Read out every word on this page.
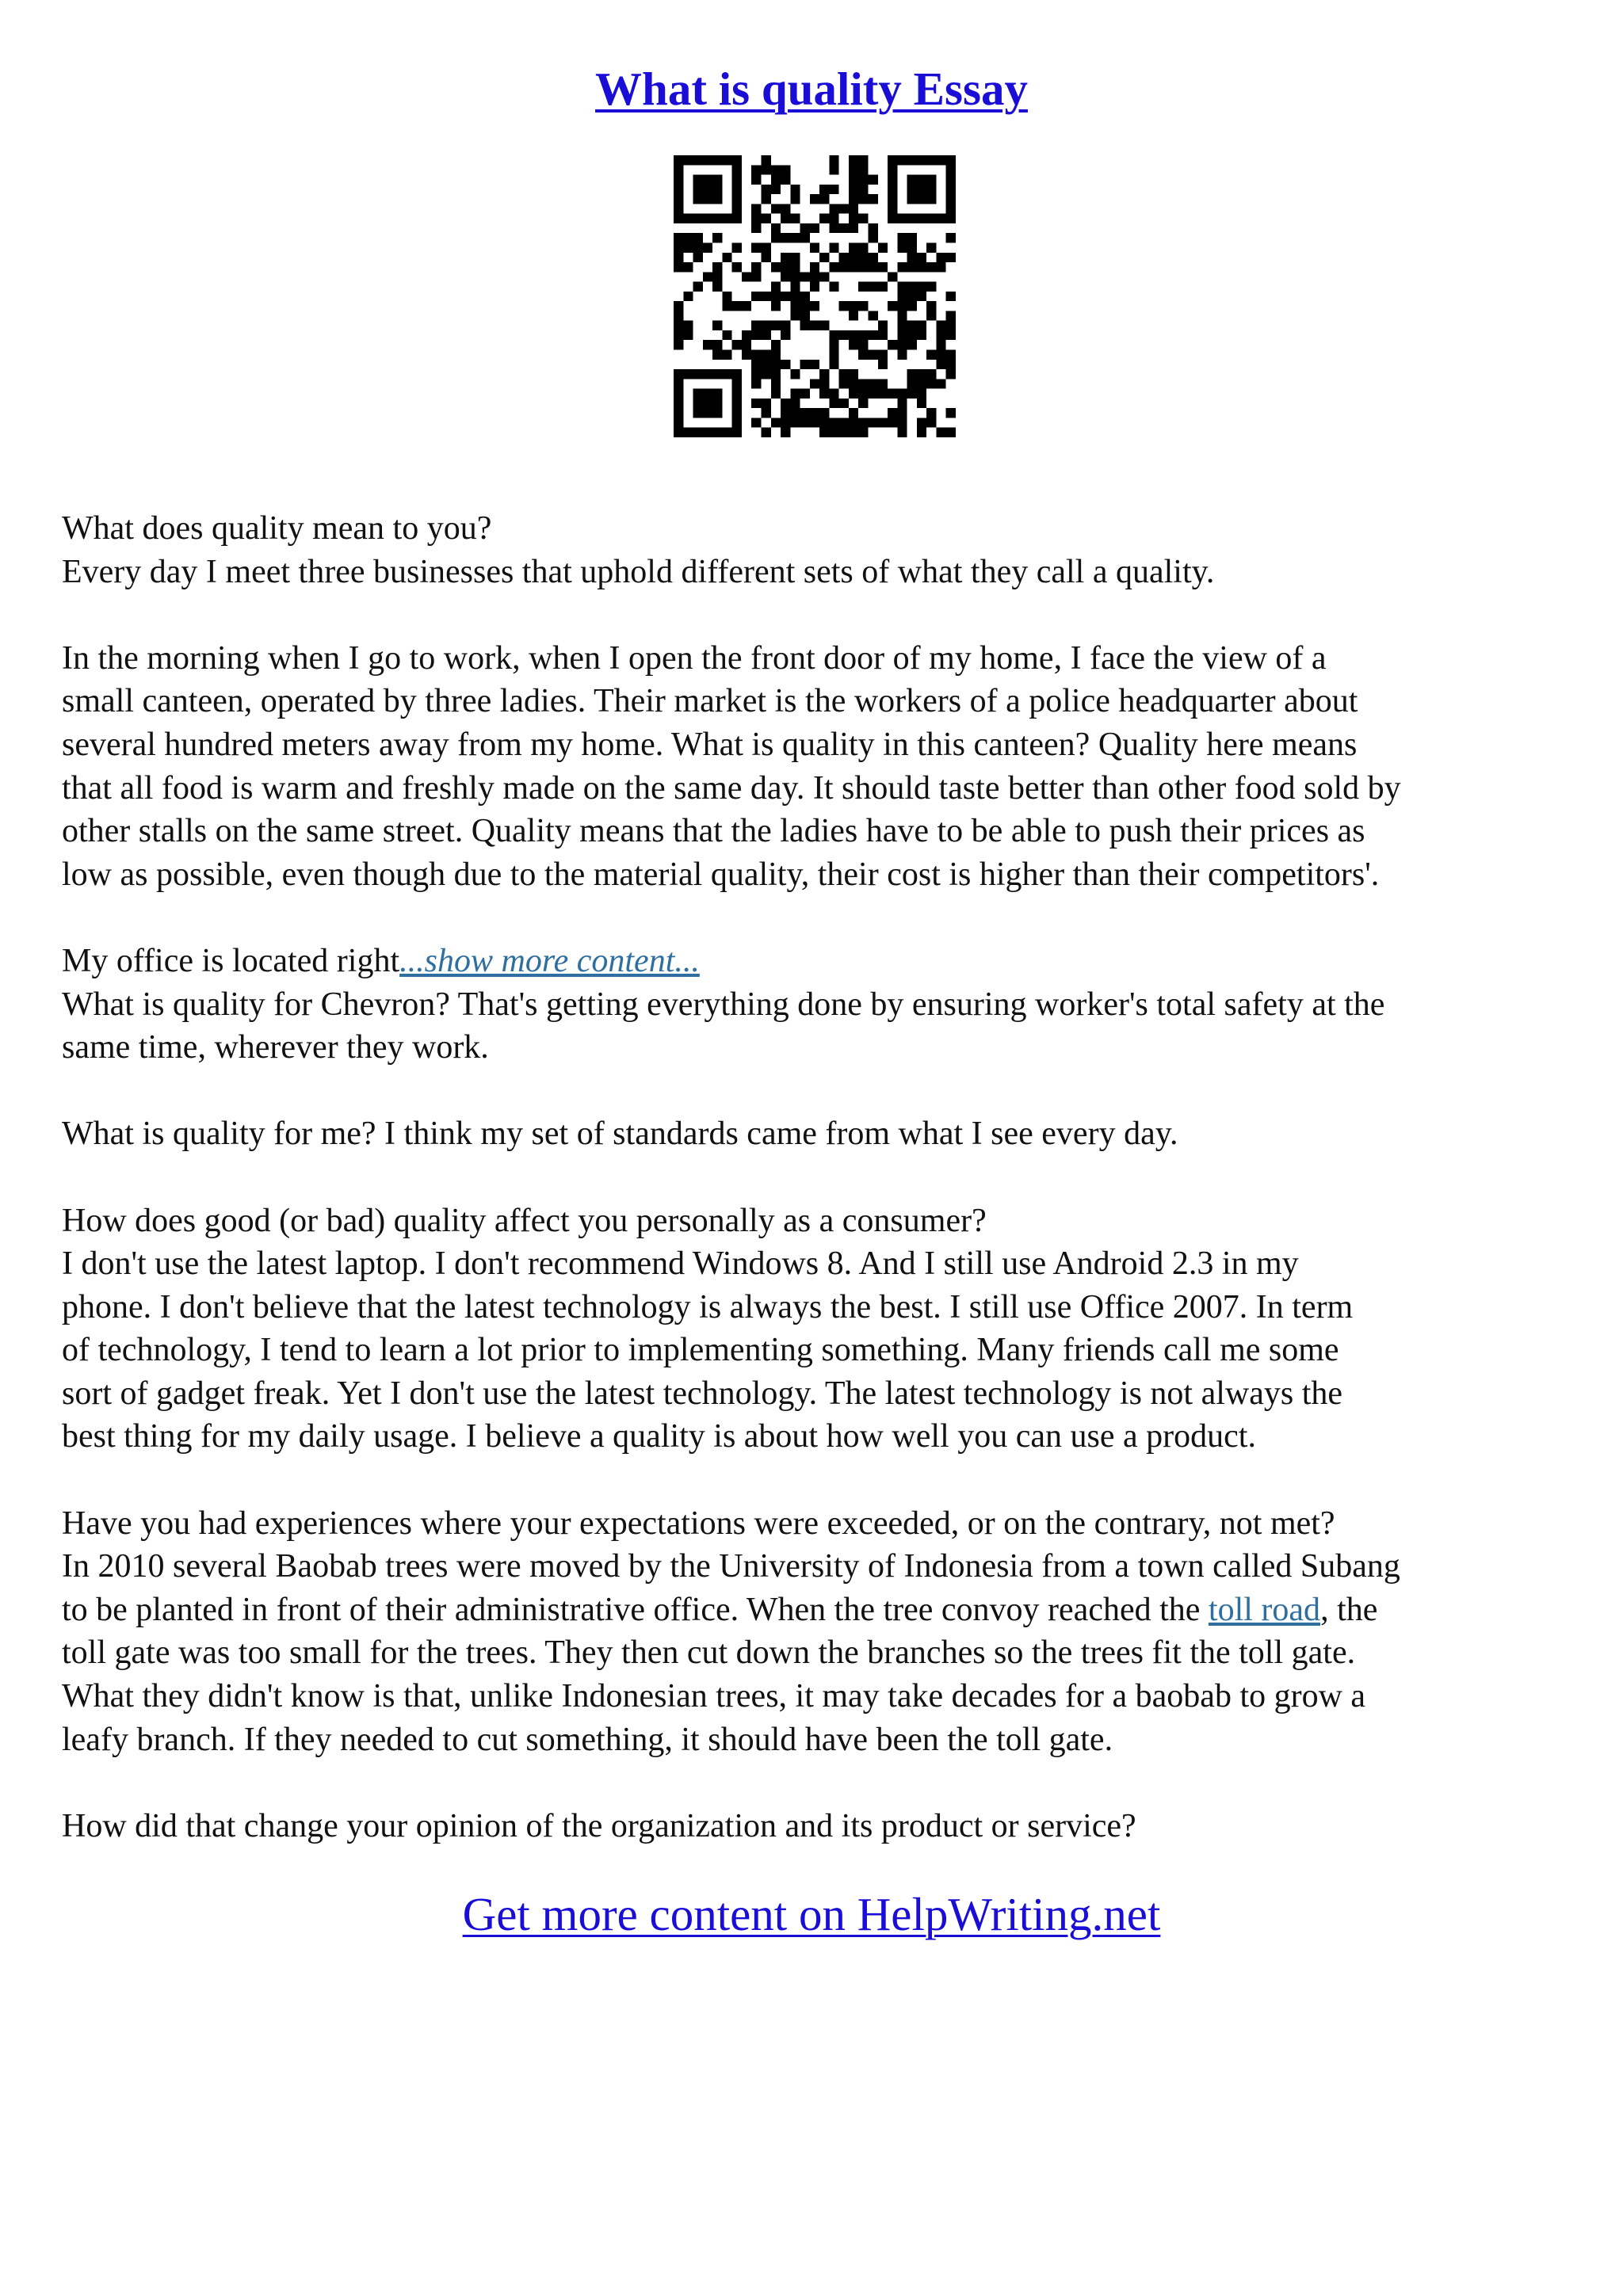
What is quality Essay

What does quality mean to you?
Every day I meet three businesses that uphold different sets of what they call a quality.

In the morning when I go to work, when I open the front door of my home, I face the view of a
small canteen, operated by three ladies. Their market is the workers of a police headquarter about
several hundred meters away from my home. What is quality in this canteen? Quality here means
that all food is warm and freshly made on the same day. It should taste better than other food sold by
other stalls on the same street. Quality means that the ladies have to be able to push their prices as
low as possible, even though due to the material quality, their cost is higher than their competitors'.

My office is located right...show more content...
What is quality for Chevron? That's getting everything done by ensuring worker's total safety at the
same time, wherever they work.

What is quality for me? I think my set of standards came from what I see every day.

How does good (or bad) quality affect you personally as a consumer?
I don't use the latest laptop. I don't recommend Windows 8. And I still use Android 2.3 in my
phone. I don't believe that the latest technology is always the best. I still use Office 2007. In term
of technology, I tend to learn a lot prior to implementing something. Many friends call me some
sort of gadget freak. Yet I don't use the latest technology. The latest technology is not always the
best thing for my daily usage. I believe a quality is about how well you can use a product.

Have you had experiences where your expectations were exceeded, or on the contrary, not met?
In 2010 several Baobab trees were moved by the University of Indonesia from a town called Subang
to be planted in front of their administrative office. When the tree convoy reached the toll road, the
toll gate was too small for the trees. They then cut down the branches so the trees fit the toll gate.
What they didn't know is that, unlike Indonesian trees, it may take decades for a baobab to grow a
leafy branch. If they needed to cut something, it should have been the toll gate.

How did that change your opinion of the organization and its product or service?

Get more content on HelpWriting.net
